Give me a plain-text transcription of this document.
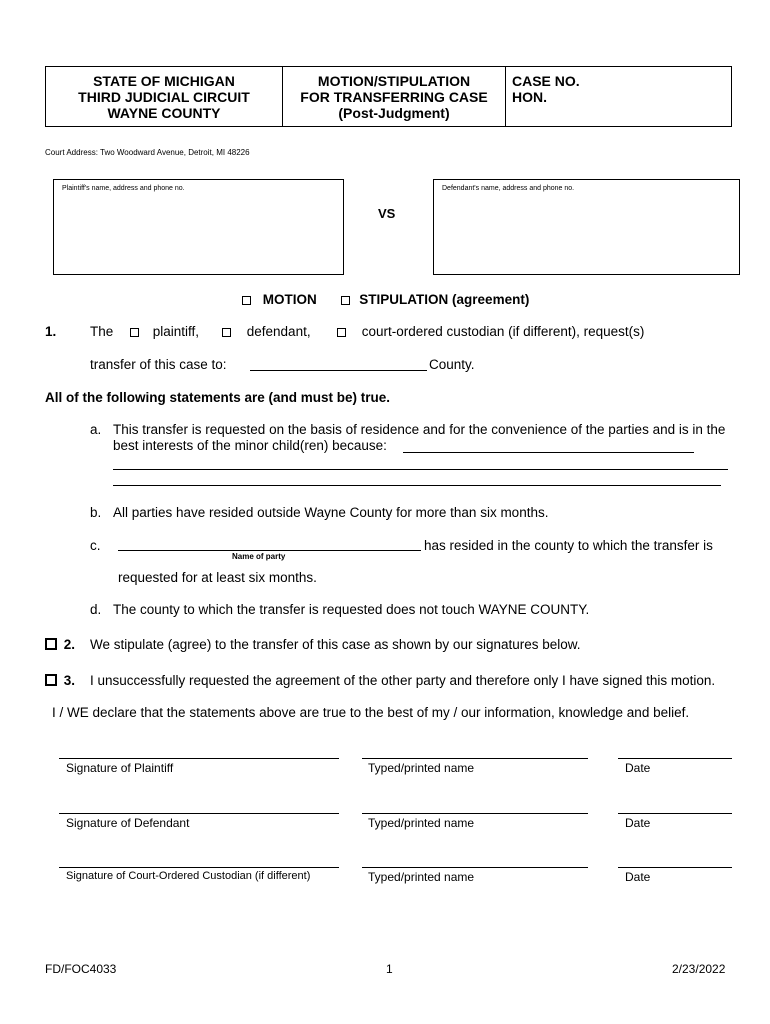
STATE OF MICHIGAN
THIRD JUDICIAL CIRCUIT
WAYNE COUNTY
MOTION/STIPULATION
FOR TRANSFERRING CASE
(Post-Judgment)
CASE NO.
HON.
Court Address: Two Woodward Avenue, Detroit, MI 48226
Plaintiff's name, address and phone no.
VS
Defendant's name, address and phone no.
MOTION	STIPULATION (agreement)
1. The	plaintiff,	defendant,	court-ordered custodian (if different), request(s)
transfer of this case to:	County.
All of the following statements are (and must be) true.
a. This transfer is requested on the basis of residence and for the convenience of the parties and is in the
best interests of the minor child(ren) because:
b. All parties have resided outside Wayne County for more than six months.
c.
Name of party
has resided in the county to which the transfer is
requested for at least six months.
d. The county to which the transfer is requested does not touch WAYNE COUNTY.
2. We stipulate (agree) to the transfer of this case as shown by our signatures below.
3. I unsuccessfully requested the agreement of the other party and therefore only I have signed this motion.
I / WE declare that the statements above are true to the best of my / our information, knowledge and belief.
Signature of Plaintiff	Typed/printed name	Date
Signature of Defendant	Typed/printed name	Date
Signature of Court-Ordered Custodian (if different)	Typed/printed name	Date
FD/FOC4033	1	2/23/2022
